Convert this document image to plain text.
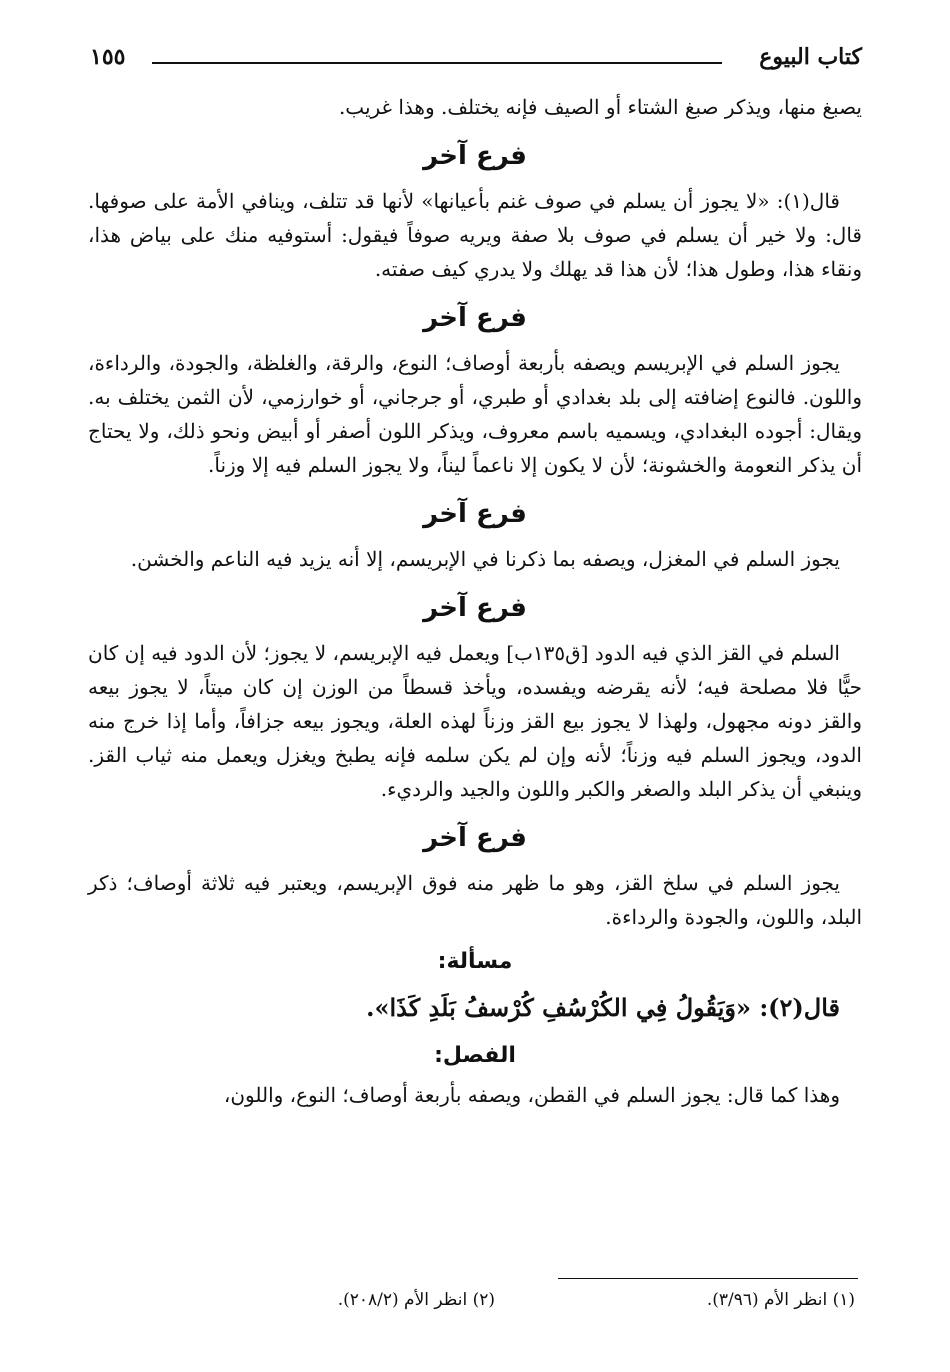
كتاب البيوع
١٥٥

يصبغ منها، ويذكر صبغ الشتاء أو الصيف فإنه يختلف. وهذا غريب.

فرع آخر

قال(١): «لا يجوز أن يسلم في صوف غنم بأعيانها» لأنها قد تتلف، وينافي الأمة على صوفها. قال: ولا خير أن يسلم في صوف بلا صفة ويريه صوفاً فيقول: أستوفيه منك على بياض هذا، ونقاء هذا، وطول هذا؛ لأن هذا قد يهلك ولا يدري كيف صفته.

فرع آخر

يجوز السلم في الإبريسم ويصفه بأربعة أوصاف؛ النوع، والرقة، والغلظة، والجودة، والرداءة، واللون. فالنوع إضافته إلى بلد بغدادي أو طبري، أو جرجاني، أو خوارزمي، لأن الثمن يختلف به. ويقال: أجوده البغدادي، ويسميه باسم معروف، ويذكر اللون أصفر أو أبيض ونحو ذلك، ولا يحتاج أن يذكر النعومة والخشونة؛ لأن لا يكون إلا ناعماً ليناً، ولا يجوز السلم فيه إلا وزناً.

فرع آخر

يجوز السلم في المغزل، ويصفه بما ذكرنا في الإبريسم، إلا أنه يزيد فيه الناعم والخشن.

فرع آخر

السلم في القز الذي فيه الدود [ق١٣٥ب] ويعمل فيه الإبريسم، لا يجوز؛ لأن الدود فيه إن كان حيًّا فلا مصلحة فيه؛ لأنه يقرضه ويفسده، ويأخذ قسطاً من الوزن إن كان ميتاً، لا يجوز بيعه والقز دونه مجهول، ولهذا لا يجوز بيع القز وزناً لهذه العلة، ويجوز بيعه جزافاً، وأما إذا خرج منه الدود، ويجوز السلم فيه وزناً؛ لأنه وإن لم يكن سلمه فإنه يطبخ ويغزل ويعمل منه ثياب القز. وينبغي أن يذكر البلد والصغر والكبر واللون والجيد والرديء.

فرع آخر

يجوز السلم في سلخ القز، وهو ما ظهر منه فوق الإبريسم، ويعتبر فيه ثلاثة أوصاف؛ ذكر البلد، واللون، والجودة والرداءة.

مسألة:

قال(٢): «وَيَقُولُ فِي الكُرْسُفِ كُرْسفُ بَلَدِ كَذَا».

الفصل:

وهذا كما قال: يجوز السلم في القطن، ويصفه بأربعة أوصاف؛ النوع، واللون،

(١) انظر الأم (٣/٩٦).
(٢) انظر الأم (٢٠٨/٢).
